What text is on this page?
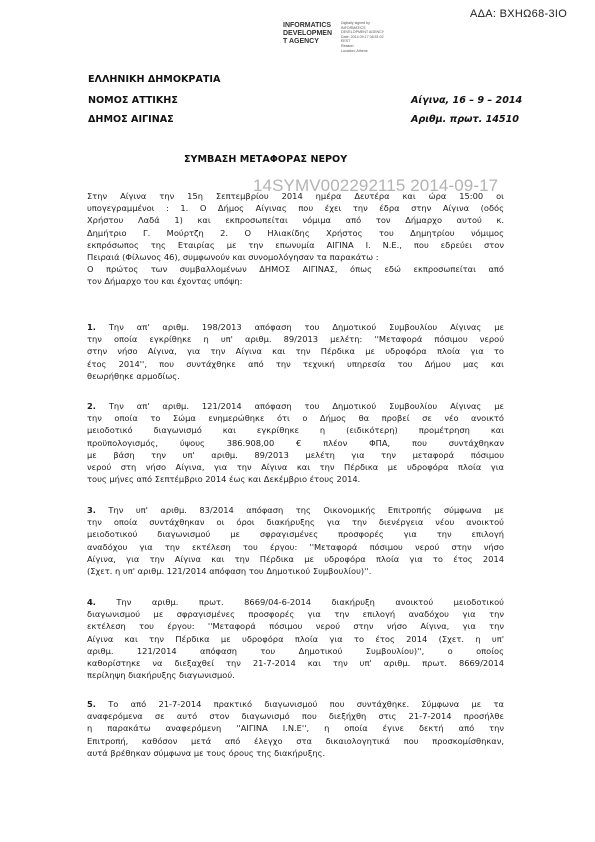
ΑΔΑ: ΒΧΗΩ68-3ΙΟ
INFORMATICS
DEVELOPMEN
T AGENCY
Digitally signed by
INFORMATICS
DEVELOPMENT AGENCY
Date: 2014.09.17 08:51:02
EEST
Reason:
Location: Athens
ΕΛΛΗΝΙΚΗ ΔΗΜΟΚΡΑΤΙΑ
ΝΟΜΟΣ ΑΤΤΙΚΗΣ
ΔΗΜΟΣ ΑΙΓΙΝΑΣ
Αίγινα, 16 – 9 – 2014
Αριθμ. πρωτ. 14510
ΣΥΜΒΑΣΗ ΜΕΤΑΦΟΡΑΣ ΝΕΡΟΥ
14SYMV002292115 2014-09-17
Στην Αίγινα την 15η Σεπτεμβρίου 2014 ημέρα Δευτέρα και ώρα 15:00 οι
υπογεγραμμένοι : 1. Ο Δήμος Αίγινας που έχει την έδρα στην Αίγινα (οδός
Χρήστου Λαδά 1) και εκπροσωπείται νόμιμα από τον Δήμαρχο αυτού κ.
Δημήτριο Γ. Μούρτζη 2. Ο Ηλιακίδης Χρήστος του Δημητρίου νόμιμος
εκπρόσωπος της Εταιρίας με την επωνυμία ΑΙΓΙΝΑ Ι. Ν.Ε., που εδρεύει στον
Πειραιά (Φίλωνος 46), συμφωνούν και συνομολόγησαν τα παρακάτω :
Ο πρώτος των συμβαλλομένων ΔΗΜΟΣ ΑΙΓΙΝΑΣ, όπως εδώ εκπροσωπείται από
τον Δήμαρχο του και έχοντας υπόψη:
1. Την απ' αριθμ. 198/2013 απόφαση του Δημοτικού Συμβουλίου Αίγινας με
την οποία εγκρίθηκε η υπ' αριθμ. 89/2013 μελέτη: ''Μεταφορά πόσιμου νερού
στην νήσο Αίγινα, για την Αίγινα και την Πέρδικα με υδροφόρα πλοία για το
έτος 2014'', που συντάχθηκε από την τεχνική υπηρεσία του Δήμου μας και
θεωρήθηκε αρμοδίως.
2. Την απ' αριθμ. 121/2014 απόφαση του Δημοτικού Συμβουλίου Αίγινας με
την οποία το Σώμα ενημερώθηκε ότι ο Δήμος θα προβεί σε νέο ανοικτό
μειοδοτικό διαγωνισμό και εγκρίθηκε η (ειδικότερη) προμέτρηση και
προϋπολογισμός, ύψους 386.908,00 € πλέον ΦΠΑ, που συντάχθηκαν
με βάση την υπ' αριθμ. 89/2013 μελέτη για την μεταφορά πόσιμου
νερού στη νήσο Αίγινα, για την Αίγινα και την Πέρδικα με υδροφόρα πλοία για
τους μήνες από Σεπτέμβριο 2014 έως και Δεκέμβριο έτους 2014.
3. Την υπ' αριθμ. 83/2014 απόφαση της Οικονομικής Επιτροπής σύμφωνα με
την οποία συντάχθηκαν οι όροι διακήρυξης για την διενέργεια νέου ανοικτού
μειοδοτικού διαγωνισμού με σφραγισμένες προσφορές για την επιλογή
αναδόχου για την εκτέλεση του έργου: ''Μεταφορά πόσιμου νερού στην νήσο
Αίγινα, για την Αίγινα και την Πέρδικα με υδροφόρα πλοία για το έτος 2014
(Σχετ. η υπ' αριθμ. 121/2014 απόφαση του Δημοτικού Συμβουλίου)''.
4. Την αριθμ. πρωτ. 8669/04-6-2014 διακήρυξη ανοικτού μειοδοτικού
διαγωνισμού με σφραγισμένες προσφορές για την επιλογή αναδόχου για την
εκτέλεση του έργου: ''Μεταφορά πόσιμου νερού στην νήσο Αίγινα, για την
Αίγινα και την Πέρδικα με υδροφόρα πλοία για το έτος 2014 (Σχετ. η υπ'
αριθμ. 121/2014 απόφαση του Δημοτικού Συμβουλίου)'', ο οποίος
καθορίστηκε να διεξαχθεί την 21-7-2014 και την υπ' αριθμ. πρωτ. 8669/2014
περίληψη διακήρυξης διαγωνισμού.
5. Το από 21-7-2014 πρακτικό διαγωνισμού που συντάχθηκε. Σύμφωνα με τα
αναφερόμενα σε αυτό στον διαγωνισμό που διεξήχθη στις 21-7-2014 προσήλθε
η παρακάτω αναφερόμενη ''ΑΙΓΙΝΑ Ι.Ν.Ε'', η οποία έγινε δεκτή από την
Επιτροπή, καθόσον μετά από έλεγχο στα δικαιολογητικά που προσκομίσθηκαν,
αυτά βρέθηκαν σύμφωνα με τους όρους της διακήρυξης.
